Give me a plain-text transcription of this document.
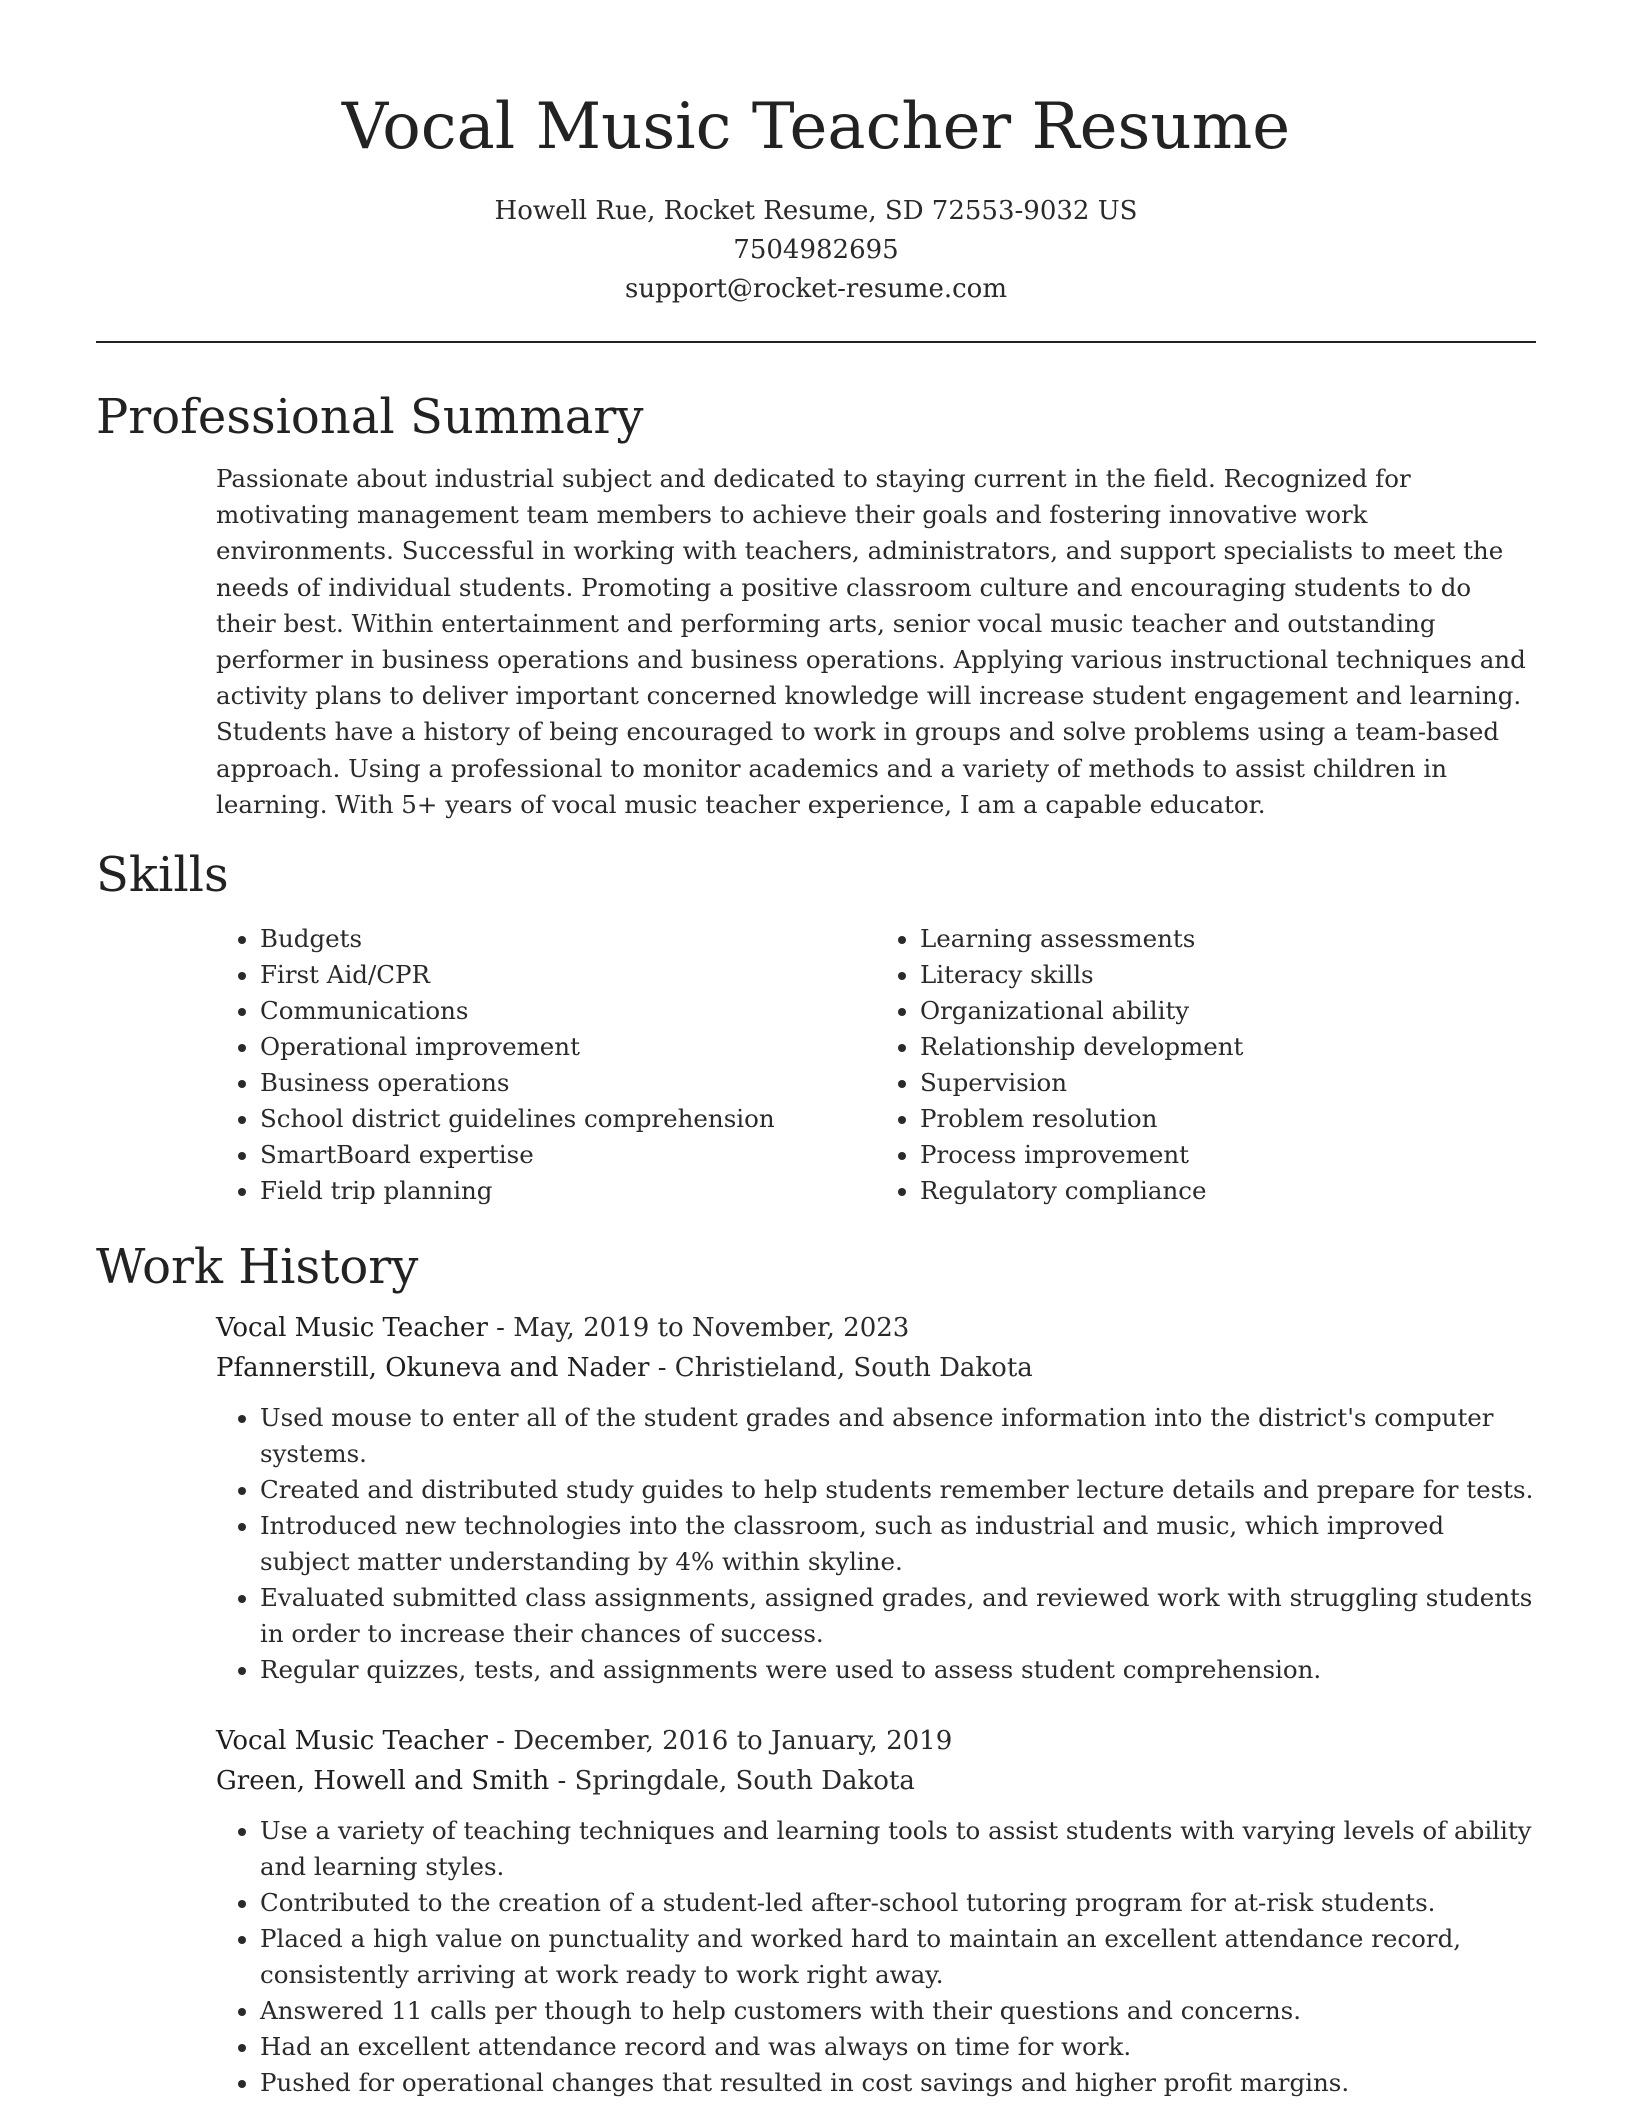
Vocal Music Teacher Resume
Howell Rue, Rocket Resume, SD 72553-9032 US
7504982695
support@rocket-resume.com
Professional Summary

Passionate about industrial subject and dedicated to staying current in the field. Recognized for motivating management team members to achieve their goals and fostering innovative work environments. Successful in working with teachers, administrators, and support specialists to meet the needs of individual students. Promoting a positive classroom culture and encouraging students to do their best. Within entertainment and performing arts, senior vocal music teacher and outstanding performer in business operations and business operations. Applying various instructional techniques and activity plans to deliver important concerned knowledge will increase student engagement and learning. Students have a history of being encouraged to work in groups and solve problems using a team-based approach. Using a professional to monitor academics and a variety of methods to assist children in learning. With 5+ years of vocal music teacher experience, I am a capable educator.

Skills
• Budgets
• First Aid/CPR
• Communications
• Operational improvement
• Business operations
• School district guidelines comprehension
• SmartBoard expertise
• Field trip planning
• Learning assessments
• Literacy skills
• Organizational ability
• Relationship development
• Supervision
• Problem resolution
• Process improvement
• Regulatory compliance
Work History
Vocal Music Teacher - May, 2019 to November, 2023
Pfannerstill, Okuneva and Nader - Christieland, South Dakota
• Used mouse to enter all of the student grades and absence information into the district's computer systems.
• Created and distributed study guides to help students remember lecture details and prepare for tests.
• Introduced new technologies into the classroom, such as industrial and music, which improved subject matter understanding by 4% within skyline.
• Evaluated submitted class assignments, assigned grades, and reviewed work with struggling students in order to increase their chances of success.
• Regular quizzes, tests, and assignments were used to assess student comprehension.
Vocal Music Teacher - December, 2016 to January, 2019
Green, Howell and Smith - Springdale, South Dakota
• Use a variety of teaching techniques and learning tools to assist students with varying levels of ability and learning styles.
• Contributed to the creation of a student-led after-school tutoring program for at-risk students.
• Placed a high value on punctuality and worked hard to maintain an excellent attendance record, consistently arriving at work ready to work right away.
• Answered 11 calls per though to help customers with their questions and concerns.
• Had an excellent attendance record and was always on time for work.
• Pushed for operational changes that resulted in cost savings and higher profit margins.
